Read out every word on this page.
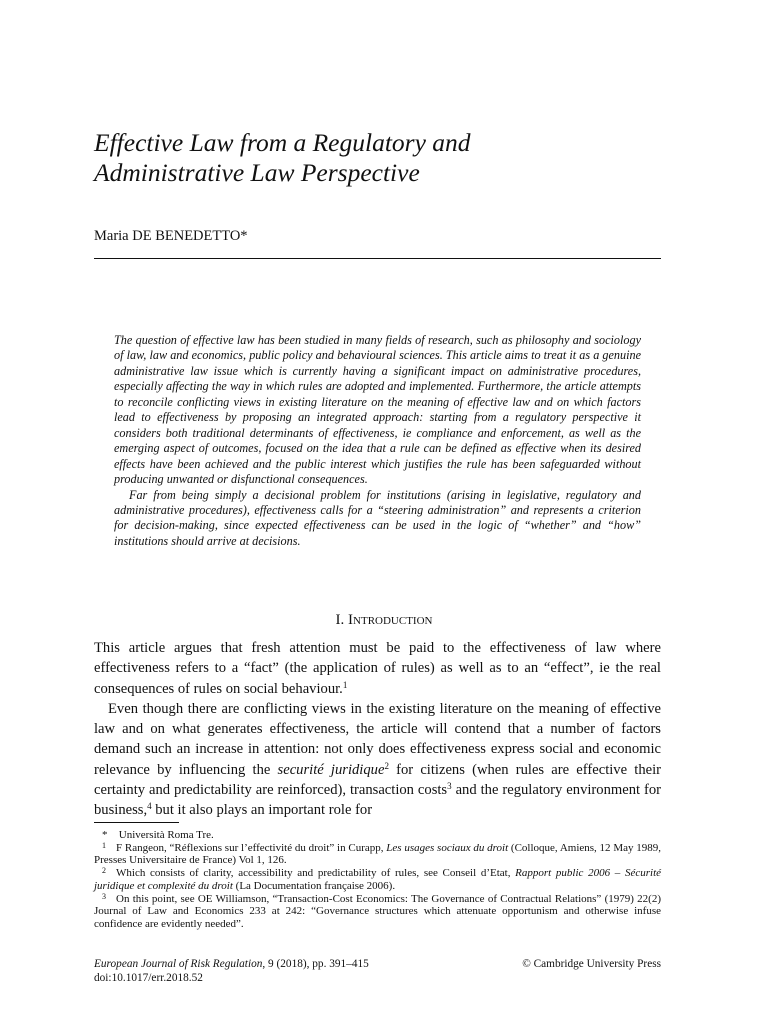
Effective Law from a Regulatory and
Administrative Law Perspective
Maria DE BENEDETTO*

The question of effective law has been studied in many fields of research, such as philosophy and sociology of law, law and economics, public policy and behavioural sciences. This article aims to treat it as a genuine administrative law issue which is currently having a significant impact on administrative procedures, especially affecting the way in which rules are adopted and implemented. Furthermore, the article attempts to reconcile conflicting views in existing literature on the meaning of effective law and on which factors lead to effectiveness by proposing an integrated approach: starting from a regulatory perspective it considers both traditional determinants of effectiveness, ie compliance and enforcement, as well as the emerging aspect of outcomes, focused on the idea that a rule can be defined as effective when its desired effects have been achieved and the public interest which justifies the rule has been safeguarded without producing unwanted or disfunctional consequences.

Far from being simply a decisional problem for institutions (arising in legislative, regulatory and administrative procedures), effectiveness calls for a “steering administration” and represents a criterion for decision-making, since expected effectiveness can be used in the logic of “whether” and “how” institutions should arrive at decisions.

I. Introduction

This article argues that fresh attention must be paid to the effectiveness of law where effectiveness refers to a “fact” (the application of rules) as well as to an “effect”, ie the real consequences of rules on social behaviour.$^1$

Even though there are conflicting views in the existing literature on the meaning of effective law and on what generates effectiveness, the article will contend that a number of factors demand such an increase in attention: not only does effectiveness express social and economic relevance by influencing the securité juridique$^2$ for citizens (when rules are effective their certainty and predictability are reinforced), transaction costs$^3$ and the regulatory environment for business,$^4$ but it also plays an important role for

* Università Roma Tre.

1 F Rangeon, “Réflexions sur l’effectivité du droit” in Curapp, Les usages sociaux du droit (Colloque, Amiens, 12 May 1989, Presses Universitaire de France) Vol 1, 126.

2 Which consists of clarity, accessibility and predictability of rules, see Conseil d’Etat, Rapport public 2006 – Sécurité juridique et complexité du droit (La Documentation française 2006).

3 On this point, see OE Williamson, “Transaction-Cost Economics: The Governance of Contractual Relations” (1979) 22(2) Journal of Law and Economics 233 at 242: “Governance structures which attenuate opportunism and otherwise infuse confidence are evidently needed”.

European Journal of Risk Regulation, 9 (2018), pp. 391–415
doi:10.1017/err.2018.52
© Cambridge University Press
